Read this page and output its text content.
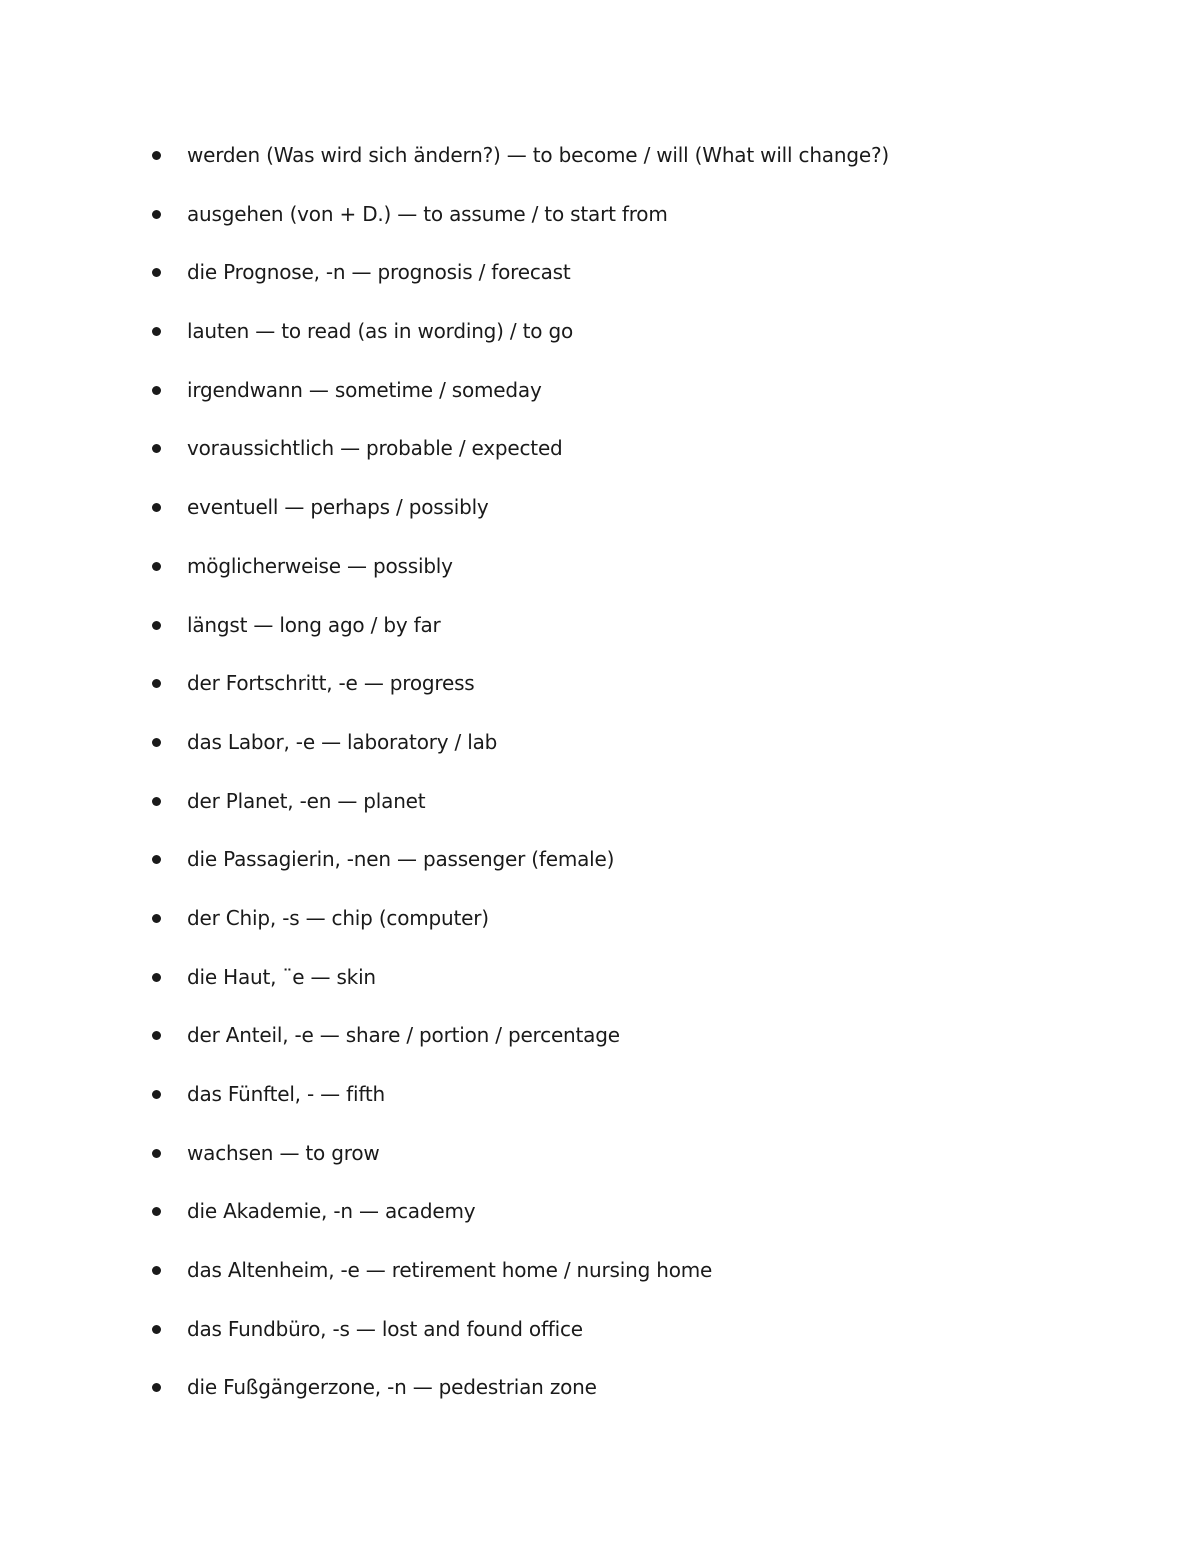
werden (Was wird sich ändern?) — to become / will (What will change?)
ausgehen (von + D.) — to assume / to start from
die Prognose, -n — prognosis / forecast
lauten — to read (as in wording) / to go
irgendwann — sometime / someday
voraussichtlich — probable / expected
eventuell — perhaps / possibly
möglicherweise — possibly
längst — long ago / by far
der Fortschritt, -e — progress
das Labor, -e — laboratory / lab
der Planet, -en — planet
die Passagierin, -nen — passenger (female)
der Chip, -s — chip (computer)
die Haut, ¨e — skin
der Anteil, -e — share / portion / percentage
das Fünftel, - — fifth
wachsen — to grow
die Akademie, -n — academy
das Altenheim, -e — retirement home / nursing home
das Fundbüro, -s — lost and found office
die Fußgängerzone, -n — pedestrian zone
